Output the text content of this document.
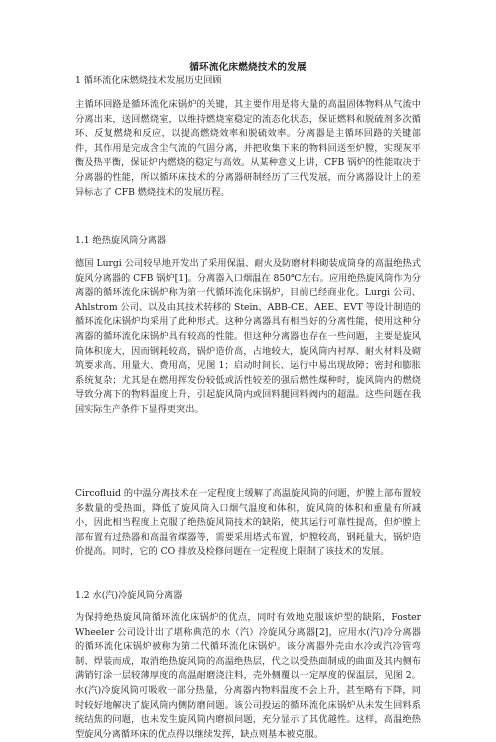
循环流化床燃烧技术的发展
1 循环流化床燃烧技术发展历史回顾

主循环回路是循环流化床锅炉的关键，其主要作用是将大量的高温固体物料从气流中分离出来，送回燃烧室，以维持燃烧室稳定的流态化状态，保证燃料和脱硫剂多次循环、反复燃烧和反应，以提高燃烧效率和脱硫效率。分离器是主循环回路的关键部件，其作用是完成含尘气流的气固分离，并把收集下来的物料回送至炉膛，实现灰平衡及热平衡，保证炉内燃烧的稳定与高效。从某种意义上讲，CFB 锅炉的性能取决于分离器的性能，所以循环床技术的分离器研制经历了三代发展，而分离器设计上的差异标志了 CFB 燃烧技术的发展历程。

1.1 绝热旋风筒分离器

德国 Lurgi 公司较早地开发出了采用保温、耐火及防磨材料砌装成筒身的高温绝热式旋风分离器的 CFB 锅炉[1]。分离器入口烟温在 850℃左右。应用绝热旋风筒作为分离器的循环流化床锅炉称为第一代循环流化床锅炉，目前已经商业化。Lurgi 公司、Ahlstrom 公司、以及由其技术转移的 Stein、ABB-CE、AEE、EVT 等设计制造的循环流化床锅炉均采用了此种形式。这种分离器具有相当好的分离性能，使用这种分离器的循环流化床锅炉具有较高的性能。但这种分离器也存在一些问题，主要是旋风筒体积庞大，因而钢耗较高，锅炉造价高，占地较大，旋风筒内衬厚、耐火材料及砌筑要求高、用量大、费用高，见图 1；启动时间长、运行中易出现故障；密封和膨胀系统复杂；尤其是在燃用挥发份较低或活性较差的强后燃性煤种时，旋风筒内的燃烧导致分离下的物料温度上升，引起旋风筒内或回料腿回料阀内的超温。这些问题在我国实际生产条件下显得更突出。

Circofluid 的中温分离技术在一定程度上缓解了高温旋风筒的问题，炉膛上部布置较多数量的受热面，降低了旋风筒入口烟气温度和体积，旋风筒的体积和重量有所减小，因此相当程度上克服了绝热旋风筒技术的缺陷，使其运行可靠性提高，但炉膛上部布置有过热器和高温省煤器等，需要采用塔式布置，炉膛较高，钢耗量大，锅炉造价提高。同时，它的 CO 排放及检修问题在一定程度上限制了该技术的发展。

1.2 水(汽)冷旋风筒分离器

为保持绝热旋风筒循环流化床锅炉的优点，同时有效地克服该炉型的缺陷，Foster Wheeler 公司设计出了堪称典范的水（汽）冷旋风分离器[2]，应用水(汽)冷分离器的循环流化床锅炉被称为第二代循环流化床锅炉。该分离器外壳由水冷或汽冷管弯制、焊装而成，取消绝热旋风筒的高温绝热层，代之以受热面制成的曲面及其内侧布满销钉涂一层较薄厚度的高温耐磨浇注料，壳外侧覆以一定厚度的保温层，见图 2。水(汽)冷旋风筒可吸收一部分热量，分离器内物料温度不会上升，甚至略有下降，同时较好地解决了旋风筒内侧防磨问题。该公司投运的循环流化床锅炉从未发生回料系统结焦的问题，也未发生旋风筒内磨损问题，充分显示了其优越性。这样，高温绝热型旋风分离循环床的优点得以继续发挥，缺点则基本被克服。
